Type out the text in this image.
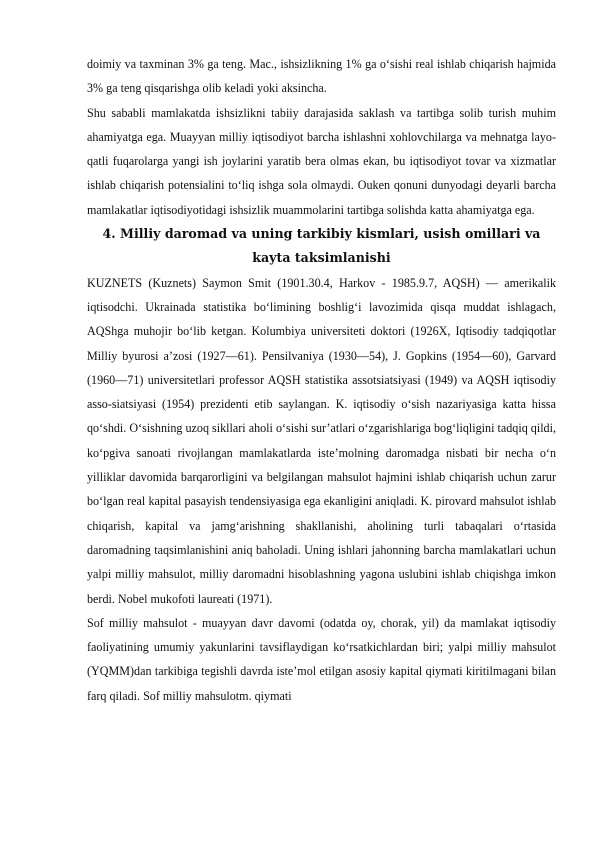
doimiy va taxminan 3% ga teng. Mac., ishsizlikning 1% ga o‘sishi real ishlab chiqarish hajmida 3% ga teng qisqarishga olib keladi yoki aksincha.

Shu sababli mamlakatda ishsizlikni tabiiy darajasida saklash va tartibga solib turish muhim ahamiyatga ega. Muayyan milliy iqtisodiyot barcha ishlashni xohlovchilarga va mehnatga layo-qatli fuqarolarga yangi ish joylarini yaratib bera olmas ekan, bu iqtisodiyot tovar va xizmatlar ishlab chiqarish potensialini to‘liq ishga sola olmaydi. Ouken qonuni dunyodagi deyarli barcha mamlakatlar iqtisodiyotidagi ishsizlik muammolarini tartibga solishda katta ahamiyatga ega.

4. Milliy daromad va uning tarkibiy kismlari, usish omillari va kayta taksimlanishi

KUZNETS (Kuznets) Saymon Smit (1901.30.4, Harkov - 1985.9.7, AQSH) — amerikalik iqtisodchi. Ukrainada statistika bo‘limining boshlig‘i lavozimida qisqa muddat ishlagach, AQShga muhojir bo‘lib ketgan. Kolumbiya universiteti doktori (1926X, Iqtisodiy tadqiqotlar Milliy byurosi a’zosi (1927—61). Pensilvaniya (1930—54), J. Gopkins (1954—60), Garvard (1960—71) universitetlari professor AQSH statistika assotsiatsiyasi (1949) va AQSH iqtisodiy asso-siatsiyasi (1954) prezidenti etib saylangan. K. iqtisodiy o‘sish nazariyasiga katta hissa qo‘shdi. O‘sishning uzoq sikllari aholi o‘sishi sur’atlari o‘zgarishlariga bog‘liqligini tadqiq qildi, ko‘pgiva sanoati rivojlangan mamlakatlarda iste’molning daromadga nisbati bir necha o‘n yilliklar davomida barqarorligini va belgilangan mahsulot hajmini ishlab chiqarish uchun zarur bo‘lgan real kapital pasayish tendensiyasiga ega ekanligini aniqladi. K. pirovard mahsulot ishlab chiqarish, kapital va jamg‘arishning shakllanishi, aholining turli tabaqalari o‘rtasida daromadning taqsimlanishini aniq baholadi. Uning ishlari jahonning barcha mamlakatlari uchun yalpi milliy mahsulot, milliy daromadni hisoblashning yagona uslubini ishlab chiqishga imkon berdi. Nobel mukofoti laureati (1971).

Sof milliy mahsulot - muayyan davr davomi (odatda oy, chorak, yil) da mamlakat iqtisodiy faoliyatining umumiy yakunlarini tavsiflaydigan ko‘rsatkichlardan biri; yalpi milliy mahsulot (YQMM)dan tarkibiga tegishli davrda iste’mol etilgan asosiy kapital qiymati kiritilmagani bilan farq qiladi. Sof milliy mahsulotm. qiymati
